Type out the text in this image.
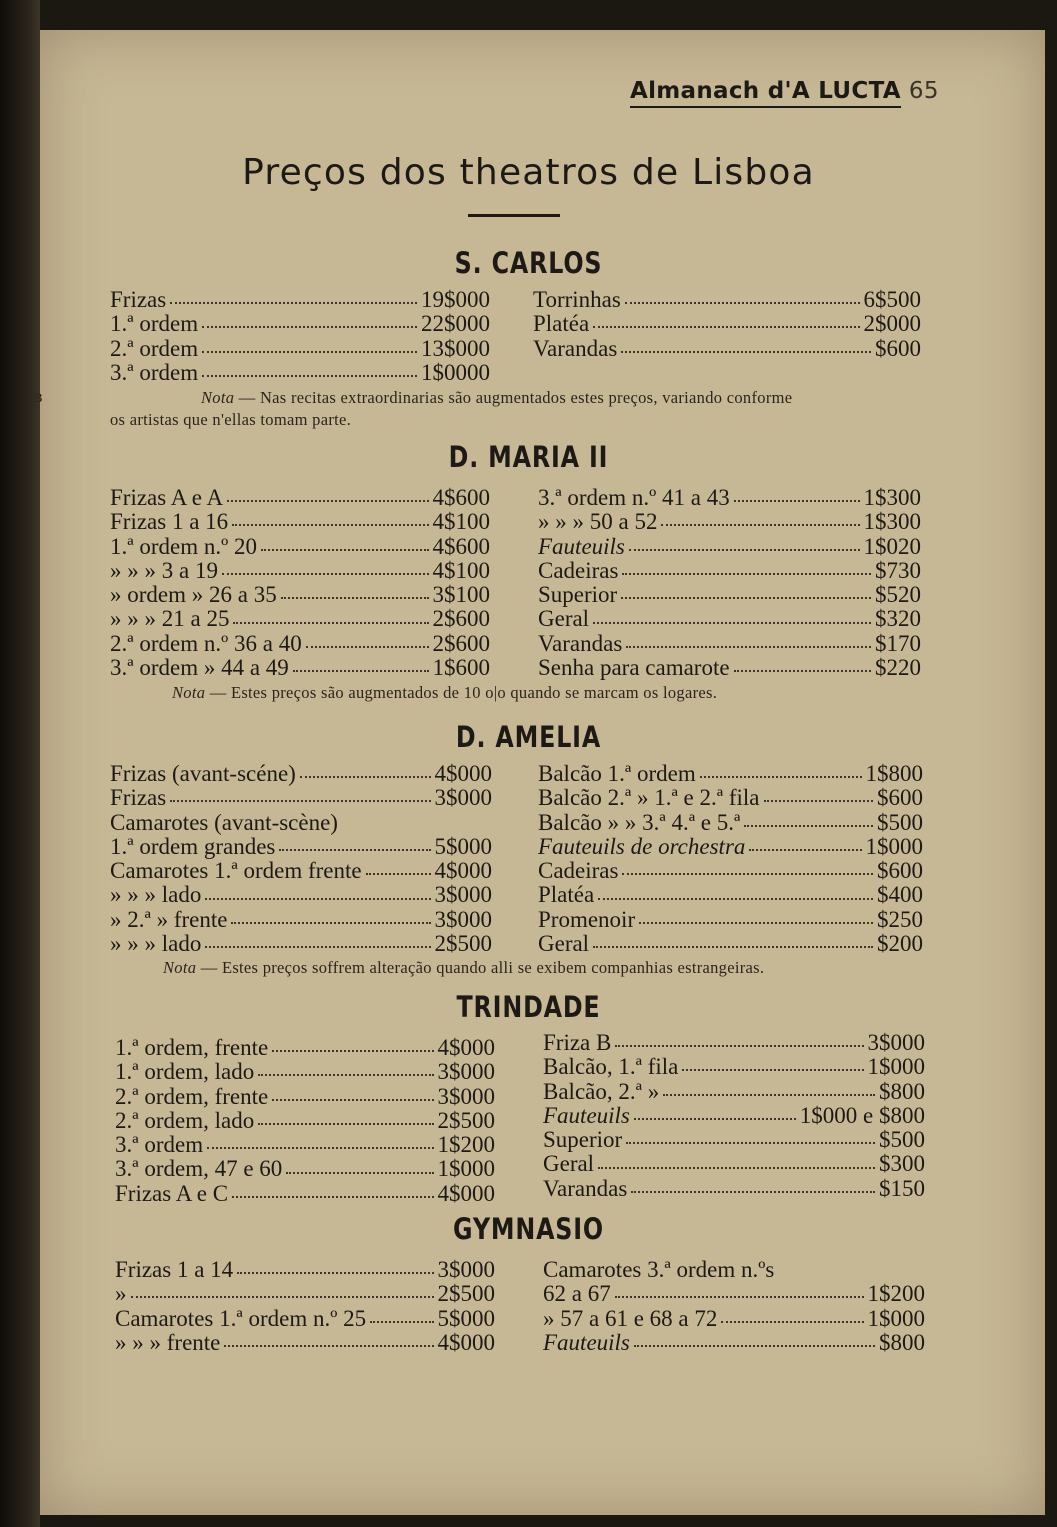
Almanach d'A LUCTA 65
Preços dos theatros de Lisboa
S. CARLOS
Frizas	19$000
1.ª ordem	22$000
2.ª ordem	13$000
3.ª ordem	1$0000
Torrinhas	6$500
Platéa	2$000
Varandas	$600
ɜ	Nota — Nas recitas extraordinarias são augmentados estes preços, variando conforme
os artistas que n'ellas tomam parte.
D. MARIA II
Frizas A e A	4$600
Frizas 1 a 16	4$100
1.ª ordem n.º 20	4$600
» » » 3 a 19	4$100
» ordem » 26 a 35	3$100
» » » 21 a 25	2$600
2.ª ordem n.º 36 a 40	2$600
3.ª ordem » 44 a 49	1$600
3.ª ordem n.º 41 a 43	1$300
» » » 50 a 52	1$300
Fauteuils	1$020
Cadeiras	$730
Superior	$520
Geral	$320
Varandas	$170
Senha para camarote	$220
Nota — Estes preços são augmentados de 10 o|o quando se marcam os logares.
D. AMELIA
Frizas (avant-scéne)	4$000
Frizas	3$000
Camarotes (avant-scène)
1.ª ordem grandes	5$000
Camarotes 1.ª ordem frente	4$000
» » » lado	3$000
» 2.ª » frente	3$000
» » » lado	2$500
Balcão 1.ª ordem	1$800
Balcão 2.ª » 1.ª e 2.ª fila	$600
Balcão » » 3.ª 4.ª e 5.ª	$500
Fauteuils de orchestra	1$000
Cadeiras	$600
Platéa	$400
Promenoir	$250
Geral	$200
Nota — Estes preços soffrem alteração quando alli se exibem companhias estrangeiras.
TRINDADE
1.ª ordem, frente	4$000
1.ª ordem, lado	3$000
2.ª ordem, frente	3$000
2.ª ordem, lado	2$500
3.ª ordem	1$200
3.ª ordem, 47 e 60	1$000
Frizas A e C	4$000
Friza B	3$000
Balcão, 1.ª fila	1$000
Balcão, 2.ª »	$800
Fauteuils	1$000 e $800
Superior	$500
Geral	$300
Varandas	$150
GYMNASIO
Frizas 1 a 14	3$000
»	2$500
Camarotes 1.ª ordem n.º 25	5$000
» » » frente	4$000
Camarotes 3.ª ordem n.ºs
62 a 67	1$200
» 57 a 61 e 68 a 72	1$000
Fauteuils	$800
